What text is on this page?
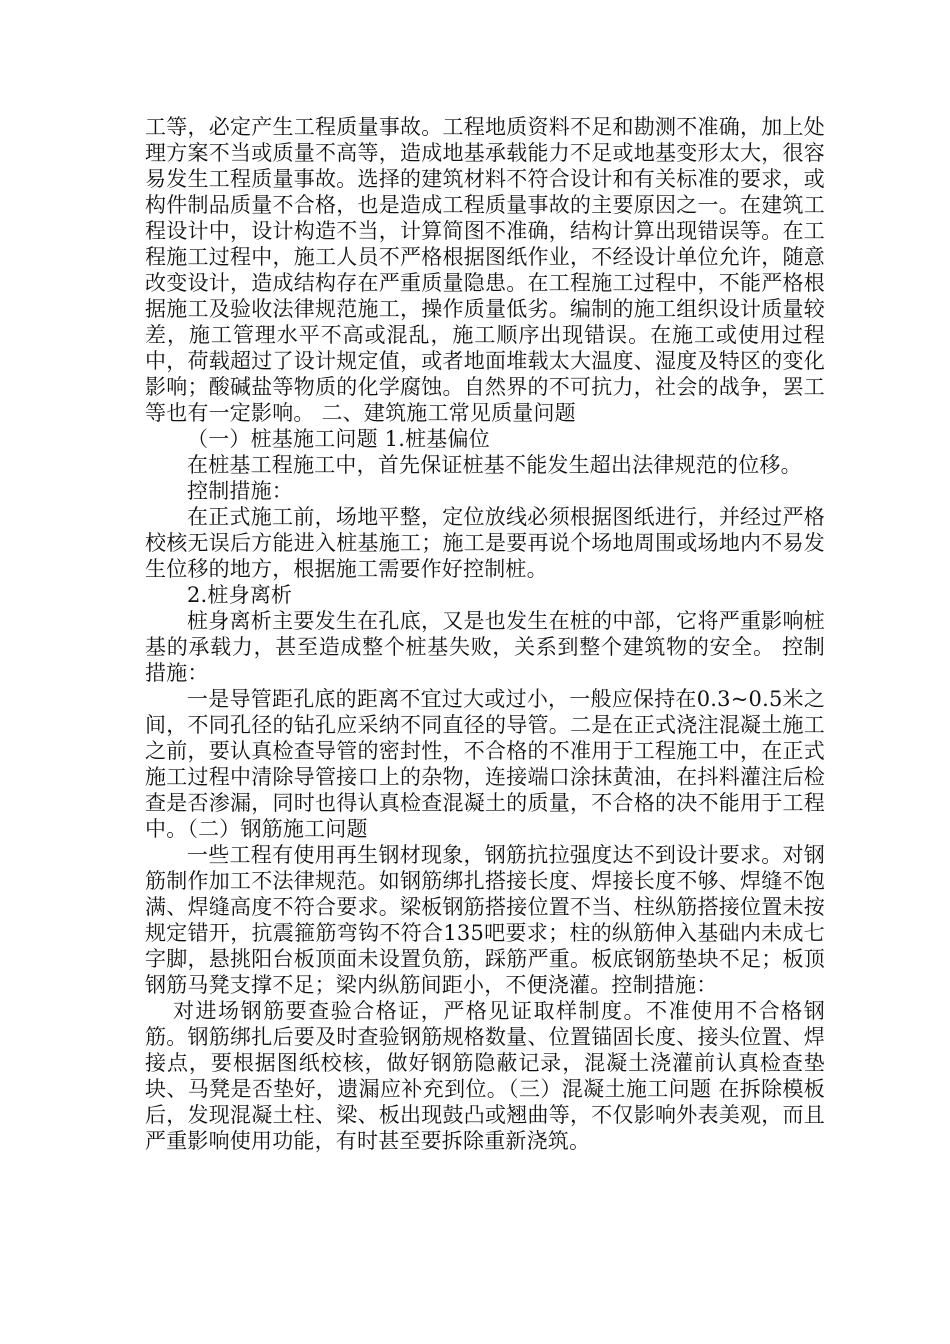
工等，必定产生工程质量事故。工程地质资料不足和勘测不准确，加上处理方案不当或质量不高等，造成地基承载能力不足或地基变形太大，很容易发生工程质量事故。选择的建筑材料不符合设计和有关标准的要求，或构件制品质量不合格，也是造成工程质量事故的主要原因之一。在建筑工程设计中，设计构造不当，计算简图不准确，结构计算出现错误等。在工程施工过程中，施工人员不严格根据图纸作业，不经设计单位允许，随意改变设计，造成结构存在严重质量隐患。在工程施工过程中，不能严格根据施工及验收法律规范施工，操作质量低劣。编制的施工组织设计质量较差，施工管理水平不高或混乱，施工顺序出现错误。在施工或使用过程中，荷载超过了设计规定值，或者地面堆载太大温度、湿度及特区的变化影响；酸碱盐等物质的化学腐蚀。自然界的不可抗力，社会的战争，罢工等也有一定影响。 二、建筑施工常见质量问题

（一）桩基施工问题 1.桩基偏位

在桩基工程施工中，首先保证桩基不能发生超出法律规范的位移。

控制措施：

在正式施工前，场地平整，定位放线必须根据图纸进行，并经过严格校核无误后方能进入桩基施工；施工是要再说个场地周围或场地内不易发生位移的地方，根据施工需要作好控制桩。

2.桩身离析

桩身离析主要发生在孔底，又是也发生在桩的中部，它将严重影响桩基的承载力，甚至造成整个桩基失败，关系到整个建筑物的安全。 控制措施：

一是导管距孔底的距离不宜过大或过小，一般应保持在0.3~0.5米之间，不同孔径的钻孔应采纳不同直径的导管。二是在正式浇注混凝土施工之前，要认真检查导管的密封性，不合格的不准用于工程施工中，在正式施工过程中清除导管接口上的杂物，连接端口涂抹黄油，在抖料灌注后检查是否渗漏，同时也得认真检查混凝土的质量，不合格的决不能用于工程中。（二）钢筋施工问题

一些工程有使用再生钢材现象，钢筋抗拉强度达不到设计要求。对钢筋制作加工不法律规范。如钢筋绑扎搭接长度、焊接长度不够、焊缝不饱满、焊缝高度不符合要求。梁板钢筋搭接位置不当、柱纵筋搭接位置未按规定错开，抗震箍筋弯钩不符合135吧要求；柱的纵筋伸入基础内未成七字脚，悬挑阳台板顶面未设置负筋，踩筋严重。板底钢筋垫块不足；板顶钢筋马凳支撑不足；梁内纵筋间距小，不便浇灌。控制措施：

对进场钢筋要查验合格证，严格见证取样制度。不准使用不合格钢筋。钢筋绑扎后要及时查验钢筋规格数量、位置锚固长度、接头位置、焊接点，要根据图纸校核，做好钢筋隐蔽记录，混凝土浇灌前认真检查垫块、马凳是否垫好，遗漏应补充到位。（三）混凝土施工问题 在拆除模板后，发现混凝土柱、梁、板出现鼓凸或翘曲等，不仅影响外表美观，而且严重影响使用功能，有时甚至要拆除重新浇筑。
